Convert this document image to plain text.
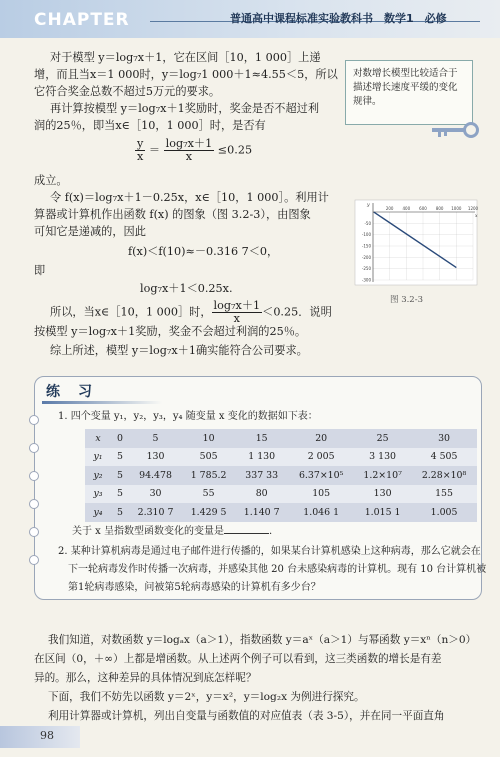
CHAPTER	普通高中课程标准实验教科书　数学1　必修
对于模型 y＝log₇x＋1，它在区间［10，1 000］上递
增，而且当x＝1 000时，y＝log₇1 000＋1≈4.55＜5，所以
它符合奖金总数不超过5万元的要求。
再计算按模型 y＝log₇x＋1奖励时，奖金是否不超过利
润的25％，即当x∈［10，1 000］时，是否有
$\frac{y}{x} = \frac{\text{log₇x＋1}}{x} \le 0.25$
成立。
令 f(x)＝log₇x＋1－0.25x，x∈［10，1 000］。利用计
算器或计算机作出函数 f(x) 的图象（图 3.2-3），由图象
可知它是递减的，因此
f(x)＜f(10)≈－0.316 7＜0，
即
log₇x＋1＜0.25x.
所以，当x∈［10，1 000］时， $\frac{\text{log₇x＋1}}{x} <0.25$．说明
按模型 y＝log₇x＋1奖励，奖金不会超过利润的25％。
综上所述，模型 y＝log₇x＋1确实能符合公司要求。
对数增长模型比较适合于描述增长速度平缓的变化规律。
-50
-100
-150
-200
-250
-300
200 400 600 800 1000 1200
x
y
图 3.2-3
练　习
1. 四个变量 y₁，y₂，y₃，y₄ 随变量 x 变化的数据如下表：
x	0	5	10	15	20	25	30
y₁	5	130	505	1 130	2 005	3 130	4 505
y₂	5	94.478	1 785.2	337 33	6.37×10⁵	1.2×10⁷	2.28×10⁸
y₃	5	30	55	80	105	130	155
y₄	5	2.310 7	1.429 5	1.140 7	1.046 1	1.015 1	1.005
关于 x 呈指数型函数变化的变量是	.
2. 某种计算机病毒是通过电子邮件进行传播的，如果某台计算机感染上这种病毒，那么它就会在
下一轮病毒发作时传播一次病毒，并感染其他 20 台未感染病毒的计算机。现有 10 台计算机被
第1轮病毒感染，问被第5轮病毒感染的计算机有多少台？
我们知道，对数函数 y＝logₐx（a＞1），指数函数 y＝aˣ（a＞1）与幂函数 y＝xⁿ（n＞0）
在区间（0，＋∞）上都是增函数。从上述两个例子可以看到，这三类函数的增长是有差
异的。那么，这种差异的具体情况到底怎样呢？
下面，我们不妨先以函数 y＝2ˣ，y＝x²，y＝log₂x 为例进行探究。
利用计算器或计算机，列出自变量与函数值的对应值表（表 3-5），并在同一平面直角
98
